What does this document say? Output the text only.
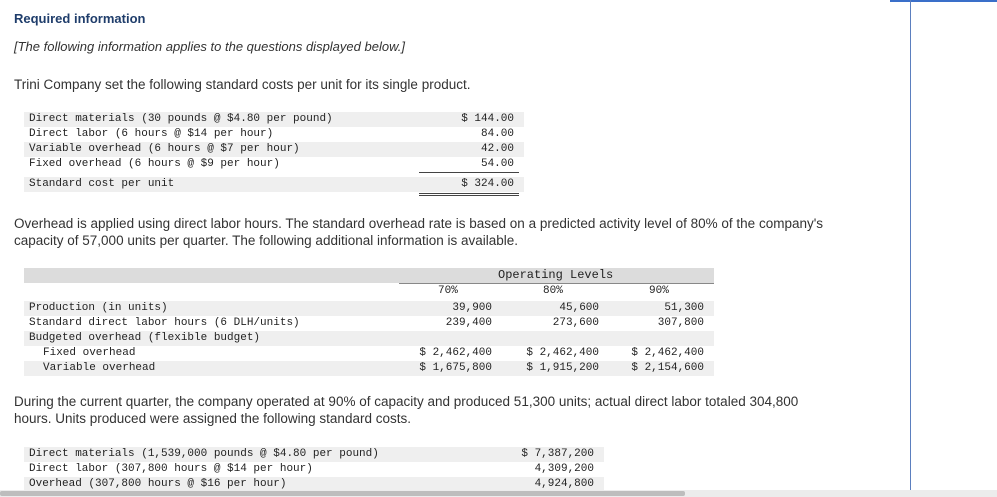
Required information
[The following information applies to the questions displayed below.]
Trini Company set the following standard costs per unit for its single product.
Direct materials (30 pounds @ $4.80 per pound)	$ 144.00
Direct labor (6 hours @ $14 per hour)	84.00
Variable overhead (6 hours @ $7 per hour)	42.00
Fixed overhead (6 hours @ $9 per hour)	54.00
Standard cost per unit	$ 324.00
Overhead is applied using direct labor hours. The standard overhead rate is based on a predicted activity level of 80% of the company's capacity of 57,000 units per quarter. The following additional information is available.
Operating Levels
70%	80%	90%
Production (in units)	39,900	45,600	51,300
Standard direct labor hours (6 DLH/units)	239,400	273,600	307,800
Budgeted overhead (flexible budget)
Fixed overhead	$ 2,462,400	$ 2,462,400	$ 2,462,400
Variable overhead	$ 1,675,800	$ 1,915,200	$ 2,154,600
During the current quarter, the company operated at 90% of capacity and produced 51,300 units; actual direct labor totaled 304,800 hours. Units produced were assigned the following standard costs.
Direct materials (1,539,000 pounds @ $4.80 per pound)	$ 7,387,200
Direct labor (307,800 hours @ $14 per hour)	4,309,200
Overhead (307,800 hours @ $16 per hour)	4,924,800
